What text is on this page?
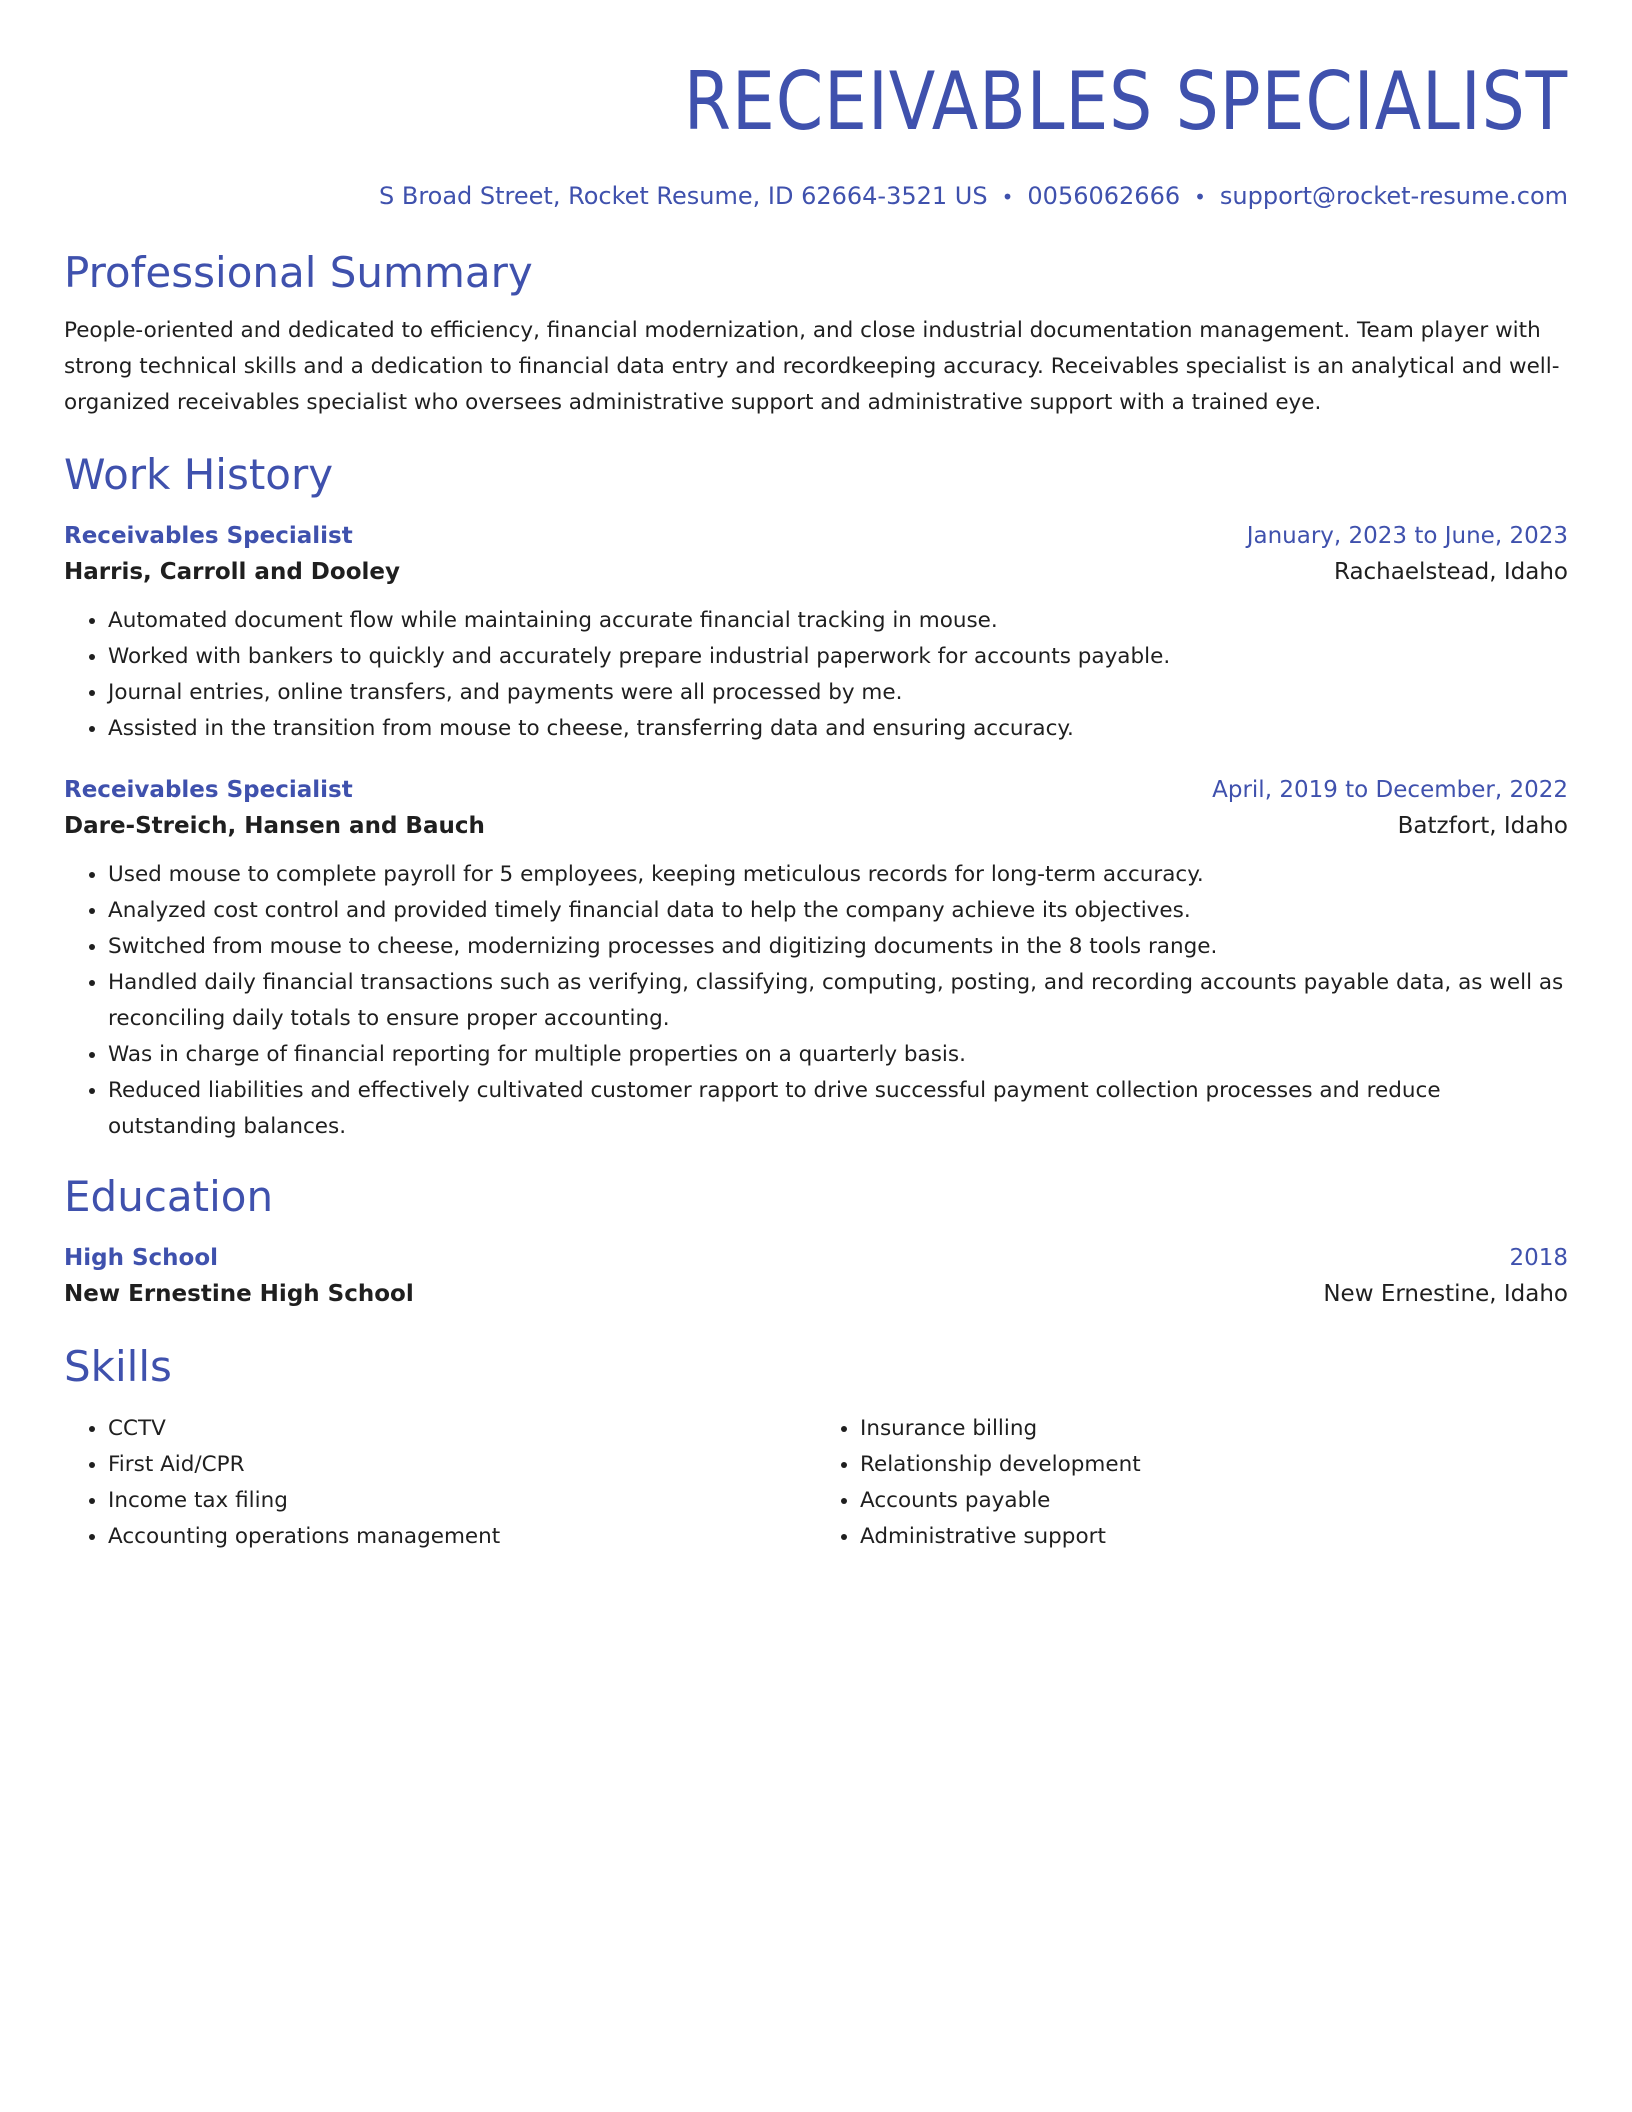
RECEIVABLES SPECIALIST
S Broad Street, Rocket Resume, ID 62664-3521 US • 0056062666 • support@rocket-resume.com
Professional Summary

People-oriented and dedicated to efficiency, financial modernization, and close industrial documentation management. Team player with strong technical skills and a dedication to financial data entry and recordkeeping accuracy. Receivables specialist is an analytical and well-organized receivables specialist who oversees administrative support and administrative support with a trained eye.

Work History
Receivables Specialist	January, 2023 to June, 2023
Harris, Carroll and Dooley	Rachaelstead, Idaho
• Automated document flow while maintaining accurate financial tracking in mouse.
• Worked with bankers to quickly and accurately prepare industrial paperwork for accounts payable.
• Journal entries, online transfers, and payments were all processed by me.
• Assisted in the transition from mouse to cheese, transferring data and ensuring accuracy.
Receivables Specialist	April, 2019 to December, 2022
Dare-Streich, Hansen and Bauch	Batzfort, Idaho
• Used mouse to complete payroll for 5 employees, keeping meticulous records for long-term accuracy.
• Analyzed cost control and provided timely financial data to help the company achieve its objectives.
• Switched from mouse to cheese, modernizing processes and digitizing documents in the 8 tools range.
• Handled daily financial transactions such as verifying, classifying, computing, posting, and recording accounts payable data, as well as reconciling daily totals to ensure proper accounting.
• Was in charge of financial reporting for multiple properties on a quarterly basis.
• Reduced liabilities and effectively cultivated customer rapport to drive successful payment collection processes and reduce outstanding balances.
Education
High School	2018
New Ernestine High School	New Ernestine, Idaho
Skills
• CCTV
• First Aid/CPR
• Income tax filing
• Accounting operations management
• Insurance billing
• Relationship development
• Accounts payable
• Administrative support
